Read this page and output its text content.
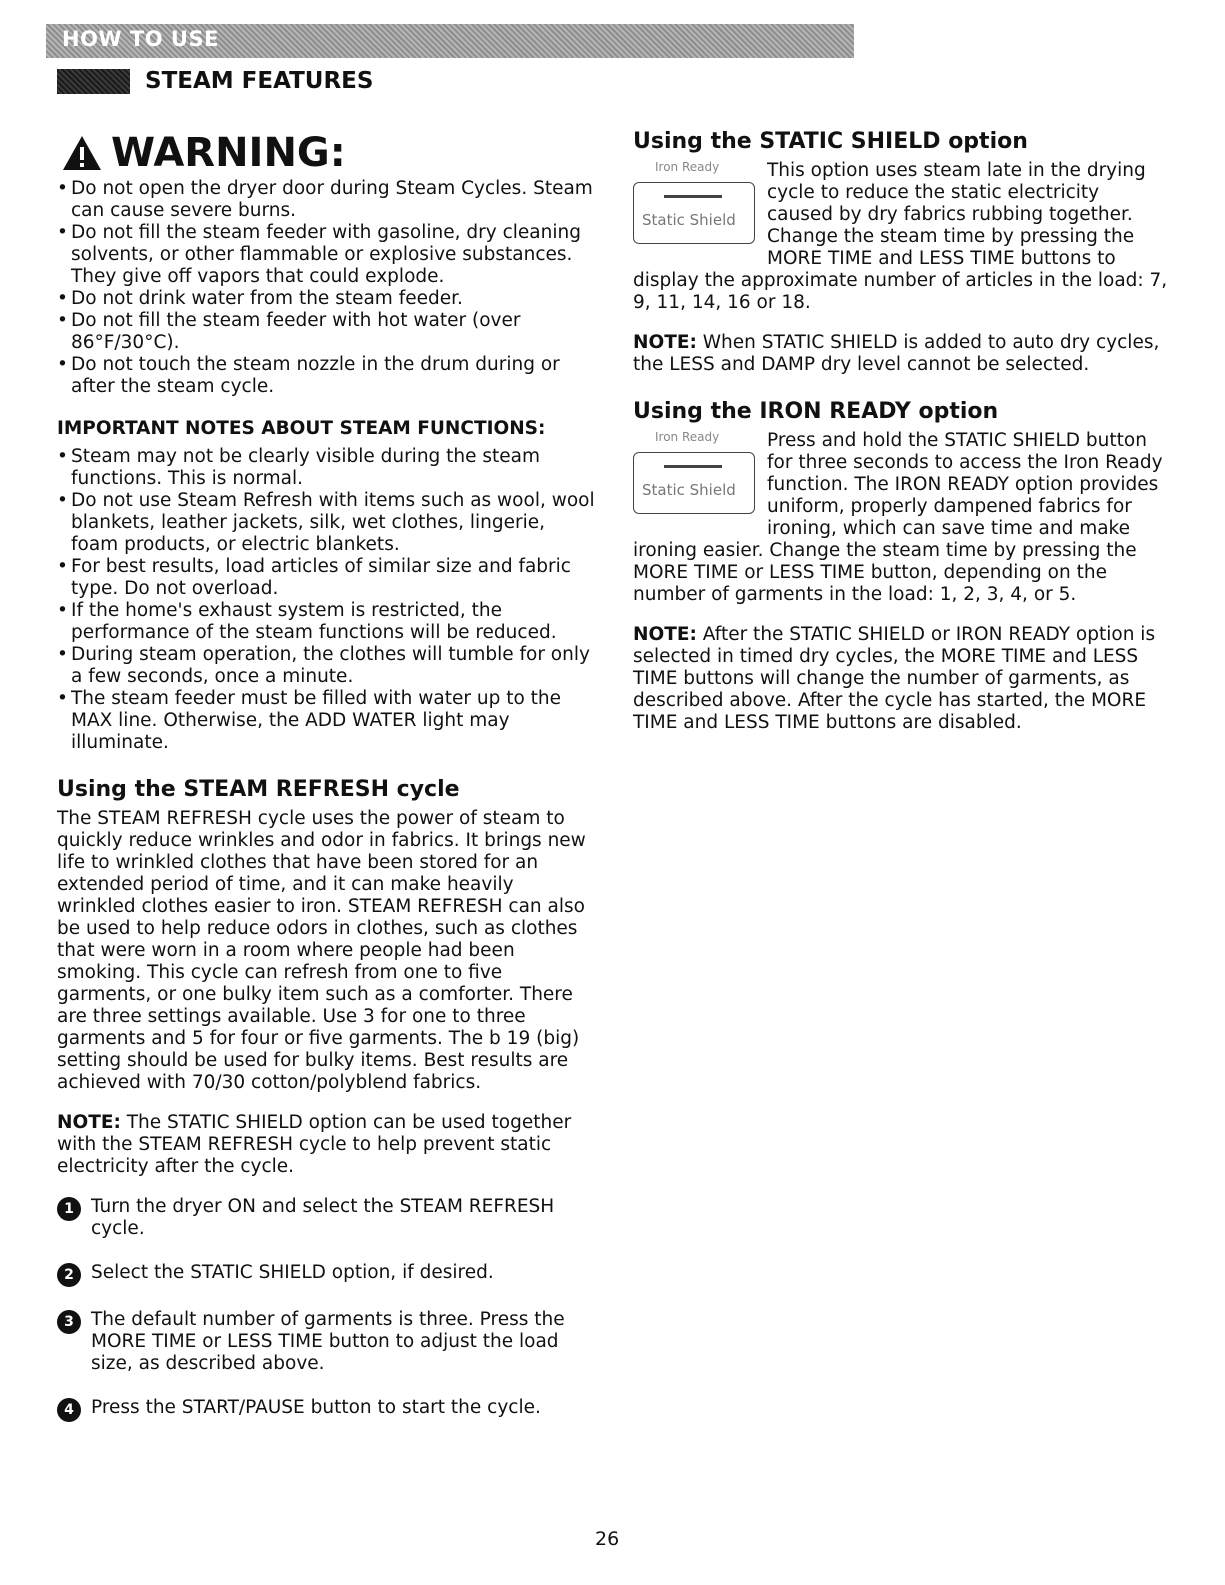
HOW TO USE
STEAM FEATURES
WARNING:
• Do not open the dryer door during Steam Cycles. Steam can cause severe burns.
• Do not fill the steam feeder with gasoline, dry cleaning solvents, or other flammable or explosive substances. They give off vapors that could explode.
• Do not drink water from the steam feeder.
• Do not fill the steam feeder with hot water (over 86°F/30°C).
• Do not touch the steam nozzle in the drum during or after the steam cycle.
IMPORTANT NOTES ABOUT STEAM FUNCTIONS:
• Steam may not be clearly visible during the steam functions. This is normal.
• Do not use Steam Refresh with items such as wool, wool blankets, leather jackets, silk, wet clothes, lingerie, foam products, or electric blankets.
• For best results, load articles of similar size and fabric type. Do not overload.
• If the home's exhaust system is restricted, the performance of the steam functions will be reduced.
• During steam operation, the clothes will tumble for only a few seconds, once a minute.
• The steam feeder must be filled with water up to the MAX line. Otherwise, the ADD WATER light may illuminate.
Using the STEAM REFRESH cycle

The STEAM REFRESH cycle uses the power of steam to quickly reduce wrinkles and odor in fabrics. It brings new life to wrinkled clothes that have been stored for an extended period of time, and it can make heavily wrinkled clothes easier to iron. STEAM REFRESH can also be used to help reduce odors in clothes, such as clothes that were worn in a room where people had been smoking. This cycle can refresh from one to five garments, or one bulky item such as a comforter. There are three settings available. Use 3 for one to three garments and 5 for four or five garments. The b 19 (big) setting should be used for bulky items. Best results are achieved with 70/30 cotton/polyblend fabrics.

NOTE: The STATIC SHIELD option can be used together with the STEAM REFRESH cycle to help prevent static electricity after the cycle.

1 Turn the dryer ON and select the STEAM REFRESH cycle.
2 Select the STATIC SHIELD option, if desired.
3 The default number of garments is three. Press the MORE TIME or LESS TIME button to adjust the load size, as described above.
4 Press the START/PAUSE button to start the cycle.
Using the STATIC SHIELD option
Iron Ready
Static Shield

This option uses steam late in the drying cycle to reduce the static electricity caused by dry fabrics rubbing together. Change the steam time by pressing the MORE TIME and LESS TIME buttons to display the approximate number of articles in the load: 7, 9, 11, 14, 16 or 18.

NOTE: When STATIC SHIELD is added to auto dry cycles, the LESS and DAMP dry level cannot be selected.

Using the IRON READY option
Iron Ready
Static Shield

Press and hold the STATIC SHIELD button for three seconds to access the Iron Ready function. The IRON READY option provides uniform, properly dampened fabrics for ironing, which can save time and make ironing easier. Change the steam time by pressing the MORE TIME or LESS TIME button, depending on the number of garments in the load: 1, 2, 3, 4, or 5.

NOTE: After the STATIC SHIELD or IRON READY option is selected in timed dry cycles, the MORE TIME and LESS TIME buttons will change the number of garments, as described above. After the cycle has started, the MORE TIME and LESS TIME buttons are disabled.

26
